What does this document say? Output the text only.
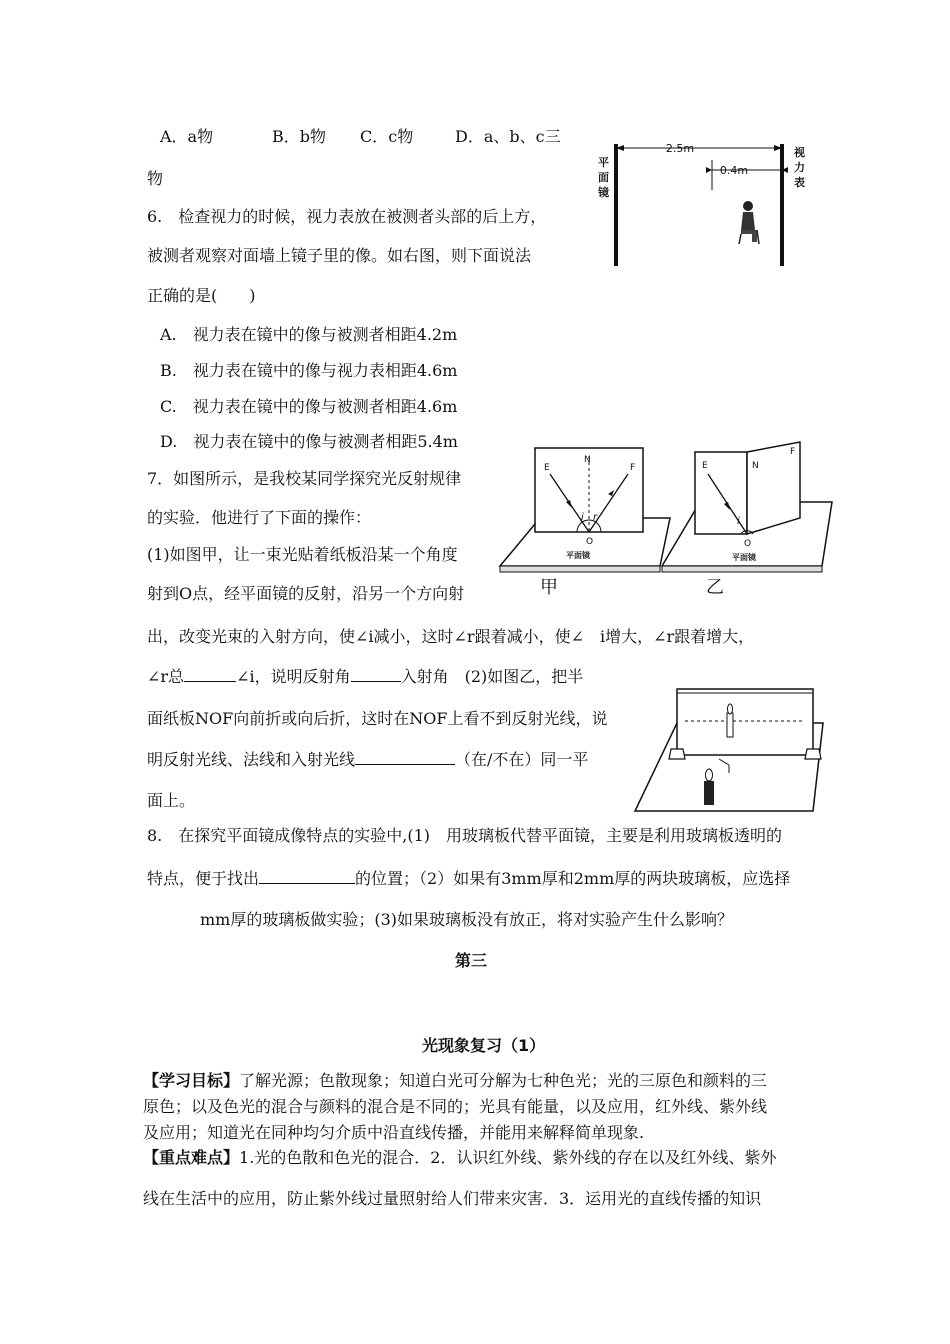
A．a物	B．b物 C．c物	D．a、b、c三
物
6.　检查视力的时候，视力表放在被测者头部的后上方，
被测者观察对面墙上镜子里的像。如右图，则下面说法
正确的是(　　)
A.　视力表在镜中的像与被测者相距4.2m
B.　视力表在镜中的像与视力表相距4.6m
C.　视力表在镜中的像与被测者相距4.6m
D.　视力表在镜中的像与被测者相距5.4m
2.5m
0.4m
平面镜
视力表
7．如图所示，是我校某同学探究光反射规律
的实验．他进行了下面的操作：
(1)如图甲，让一束光贴着纸板沿某一个角度
射到O点，经平面镜的反射，沿另一个方向射
出，改变光束的入射方向，使∠i减小，这时∠r跟着减小，使∠　i增大，∠r跟着增大，
∠r总	∠i，说明反射角	入射角　(2)如图乙，把半
面纸板NOF向前折或向后折，这时在NOF上看不到反射光线，说
明反射光线、法线和入射光线	（在/不在）同一平
面上。
E
N
F
i r
O
平面镜
甲
E	N
F
i
O
平面镜
乙
8.　在探究平面镜成像特点的实验中,(1)　用玻璃板代替平面镜，主要是利用玻璃板透明的
特点，便于找出	的位置；（2）如果有3mm厚和2mm厚的两块玻璃板，应选择
mm厚的玻璃板做实验；(3)如果玻璃板没有放正，将对实验产生什么影响？
第三
光现象复习（1）
【学习目标】了解光源；色散现象；知道白光可分解为七种色光；光的三原色和颜料的三
原色；以及色光的混合与颜料的混合是不同的；光具有能量，以及应用，红外线、紫外线
及应用；知道光在同种均匀介质中沿直线传播，并能用来解释简单现象.
【重点难点】1.光的色散和色光的混合．2．认识红外线、紫外线的存在以及红外线、紫外
线在生活中的应用，防止紫外线过量照射给人们带来灾害．3．运用光的直线传播的知识
